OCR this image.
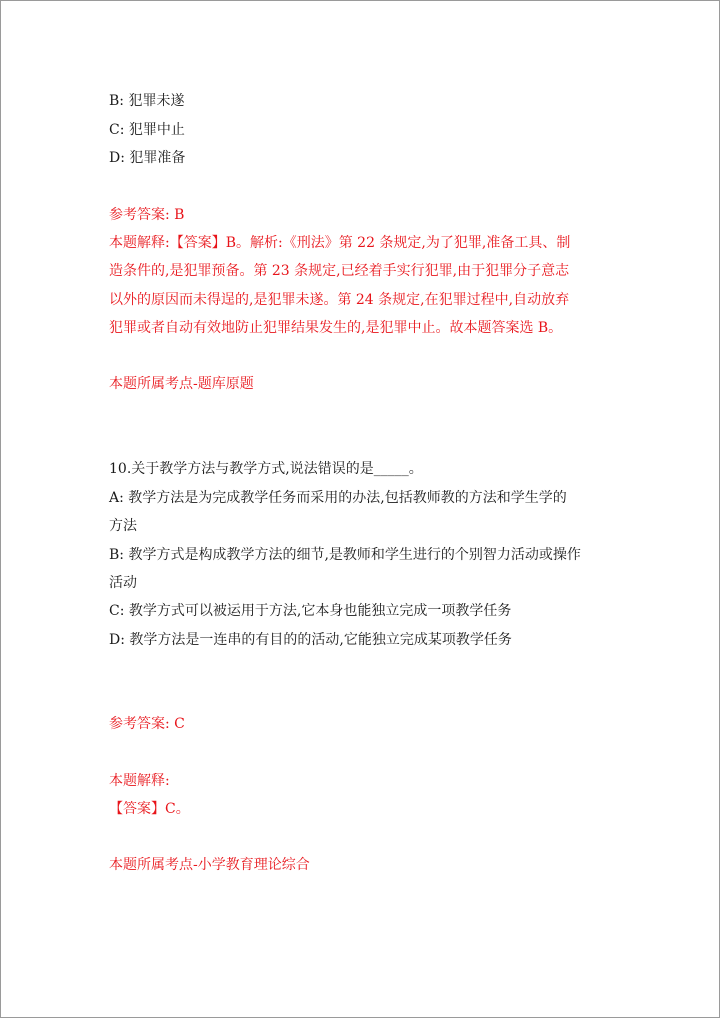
B: 犯罪未遂
C: 犯罪中止
D: 犯罪准备
参考答案: B
本题解释:【答案】B。解析:《刑法》第 22 条规定,为了犯罪,准备工具、制
造条件的,是犯罪预备。第 23 条规定,已经着手实行犯罪,由于犯罪分子意志
以外的原因而未得逞的,是犯罪未遂。第 24 条规定,在犯罪过程中,自动放弃
犯罪或者自动有效地防止犯罪结果发生的,是犯罪中止。故本题答案选 B。
本题所属考点-题库原题
10.关于教学方法与教学方式,说法错误的是_____。
A: 教学方法是为完成教学任务而采用的办法,包括教师教的方法和学生学的
方法
B: 教学方式是构成教学方法的细节,是教师和学生进行的个别智力活动或操作
活动
C: 教学方式可以被运用于方法,它本身也能独立完成一项教学任务
D: 教学方法是一连串的有目的的活动,它能独立完成某项教学任务
参考答案: C
本题解释:
【答案】C。
本题所属考点-小学教育理论综合
